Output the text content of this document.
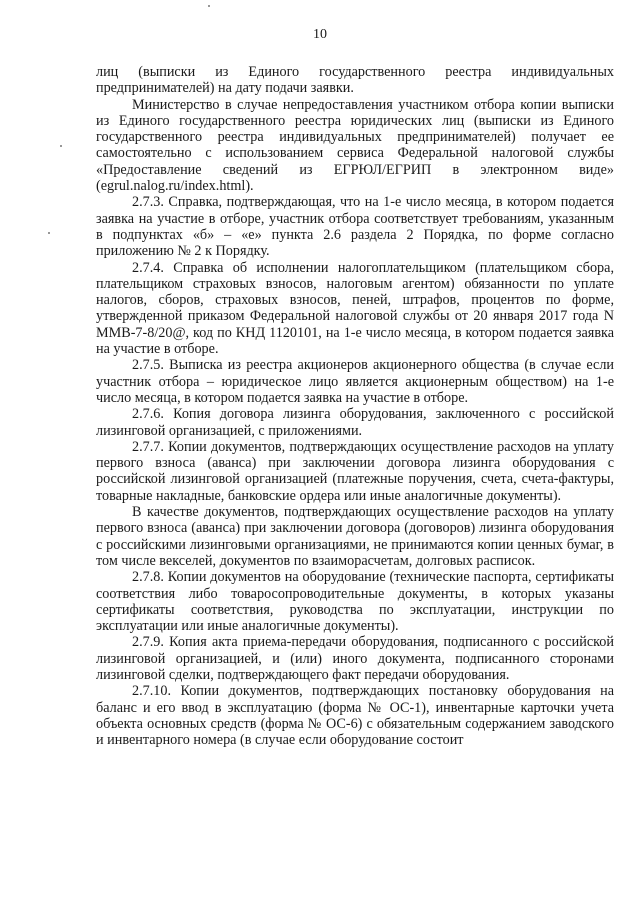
10

лиц (выписки из Единого государственного реестра индивидуальных предпринимателей) на дату подачи заявки.

Министерство в случае непредоставления участником отбора копии выписки из Единого государственного реестра юридических лиц (выписки из Единого государственного реестра индивидуальных предпринимателей) получает ее самостоятельно с использованием сервиса Федеральной налоговой службы «Предоставление сведений из ЕГРЮЛ/ЕГРИП в электронном виде» (egrul.nalog.ru/index.html).

2.7.3. Справка, подтверждающая, что на 1-е число месяца, в котором подается заявка на участие в отборе, участник отбора соответствует требованиям, указанным в подпунктах «б» – «е» пункта 2.6 раздела 2 Порядка, по форме согласно приложению № 2 к Порядку.

2.7.4. Справка об исполнении налогоплательщиком (плательщиком сбора, плательщиком страховых взносов, налоговым агентом) обязанности по уплате налогов, сборов, страховых взносов, пеней, штрафов, процентов по форме, утвержденной приказом Федеральной налоговой службы от 20 января 2017 года N ММВ-7-8/20@, код по КНД 1120101, на 1-е число месяца, в котором подается заявка на участие в отборе.

2.7.5. Выписка из реестра акционеров акционерного общества (в случае если участник отбора – юридическое лицо является акционерным обществом) на 1-е число месяца, в котором подается заявка на участие в отборе.

2.7.6. Копия договора лизинга оборудования, заключенного с российской лизинговой организацией, с приложениями.

2.7.7. Копии документов, подтверждающих осуществление расходов на уплату первого взноса (аванса) при заключении договора лизинга оборудования с российской лизинговой организацией (платежные поручения, счета, счета-фактуры, товарные накладные, банковские ордера или иные аналогичные документы).

В качестве документов, подтверждающих осуществление расходов на уплату первого взноса (аванса) при заключении договора (договоров) лизинга оборудования с российскими лизинговыми организациями, не принимаются копии ценных бумаг, в том числе векселей, документов по взаиморасчетам, долговых расписок.

2.7.8. Копии документов на оборудование (технические паспорта, сертификаты соответствия либо товаросопроводительные документы, в которых указаны сертификаты соответствия, руководства по эксплуатации, инструкции по эксплуатации или иные аналогичные документы).

2.7.9. Копия акта приема-передачи оборудования, подписанного с российской лизинговой организацией, и (или) иного документа, подписанного сторонами лизинговой сделки, подтверждающего факт передачи оборудования.

2.7.10. Копии документов, подтверждающих постановку оборудования на баланс и его ввод в эксплуатацию (форма № ОС-1), инвентарные карточки учета объекта основных средств (форма № ОС-6) с обязательным содержанием заводского и инвентарного номера (в случае если оборудование состоит
